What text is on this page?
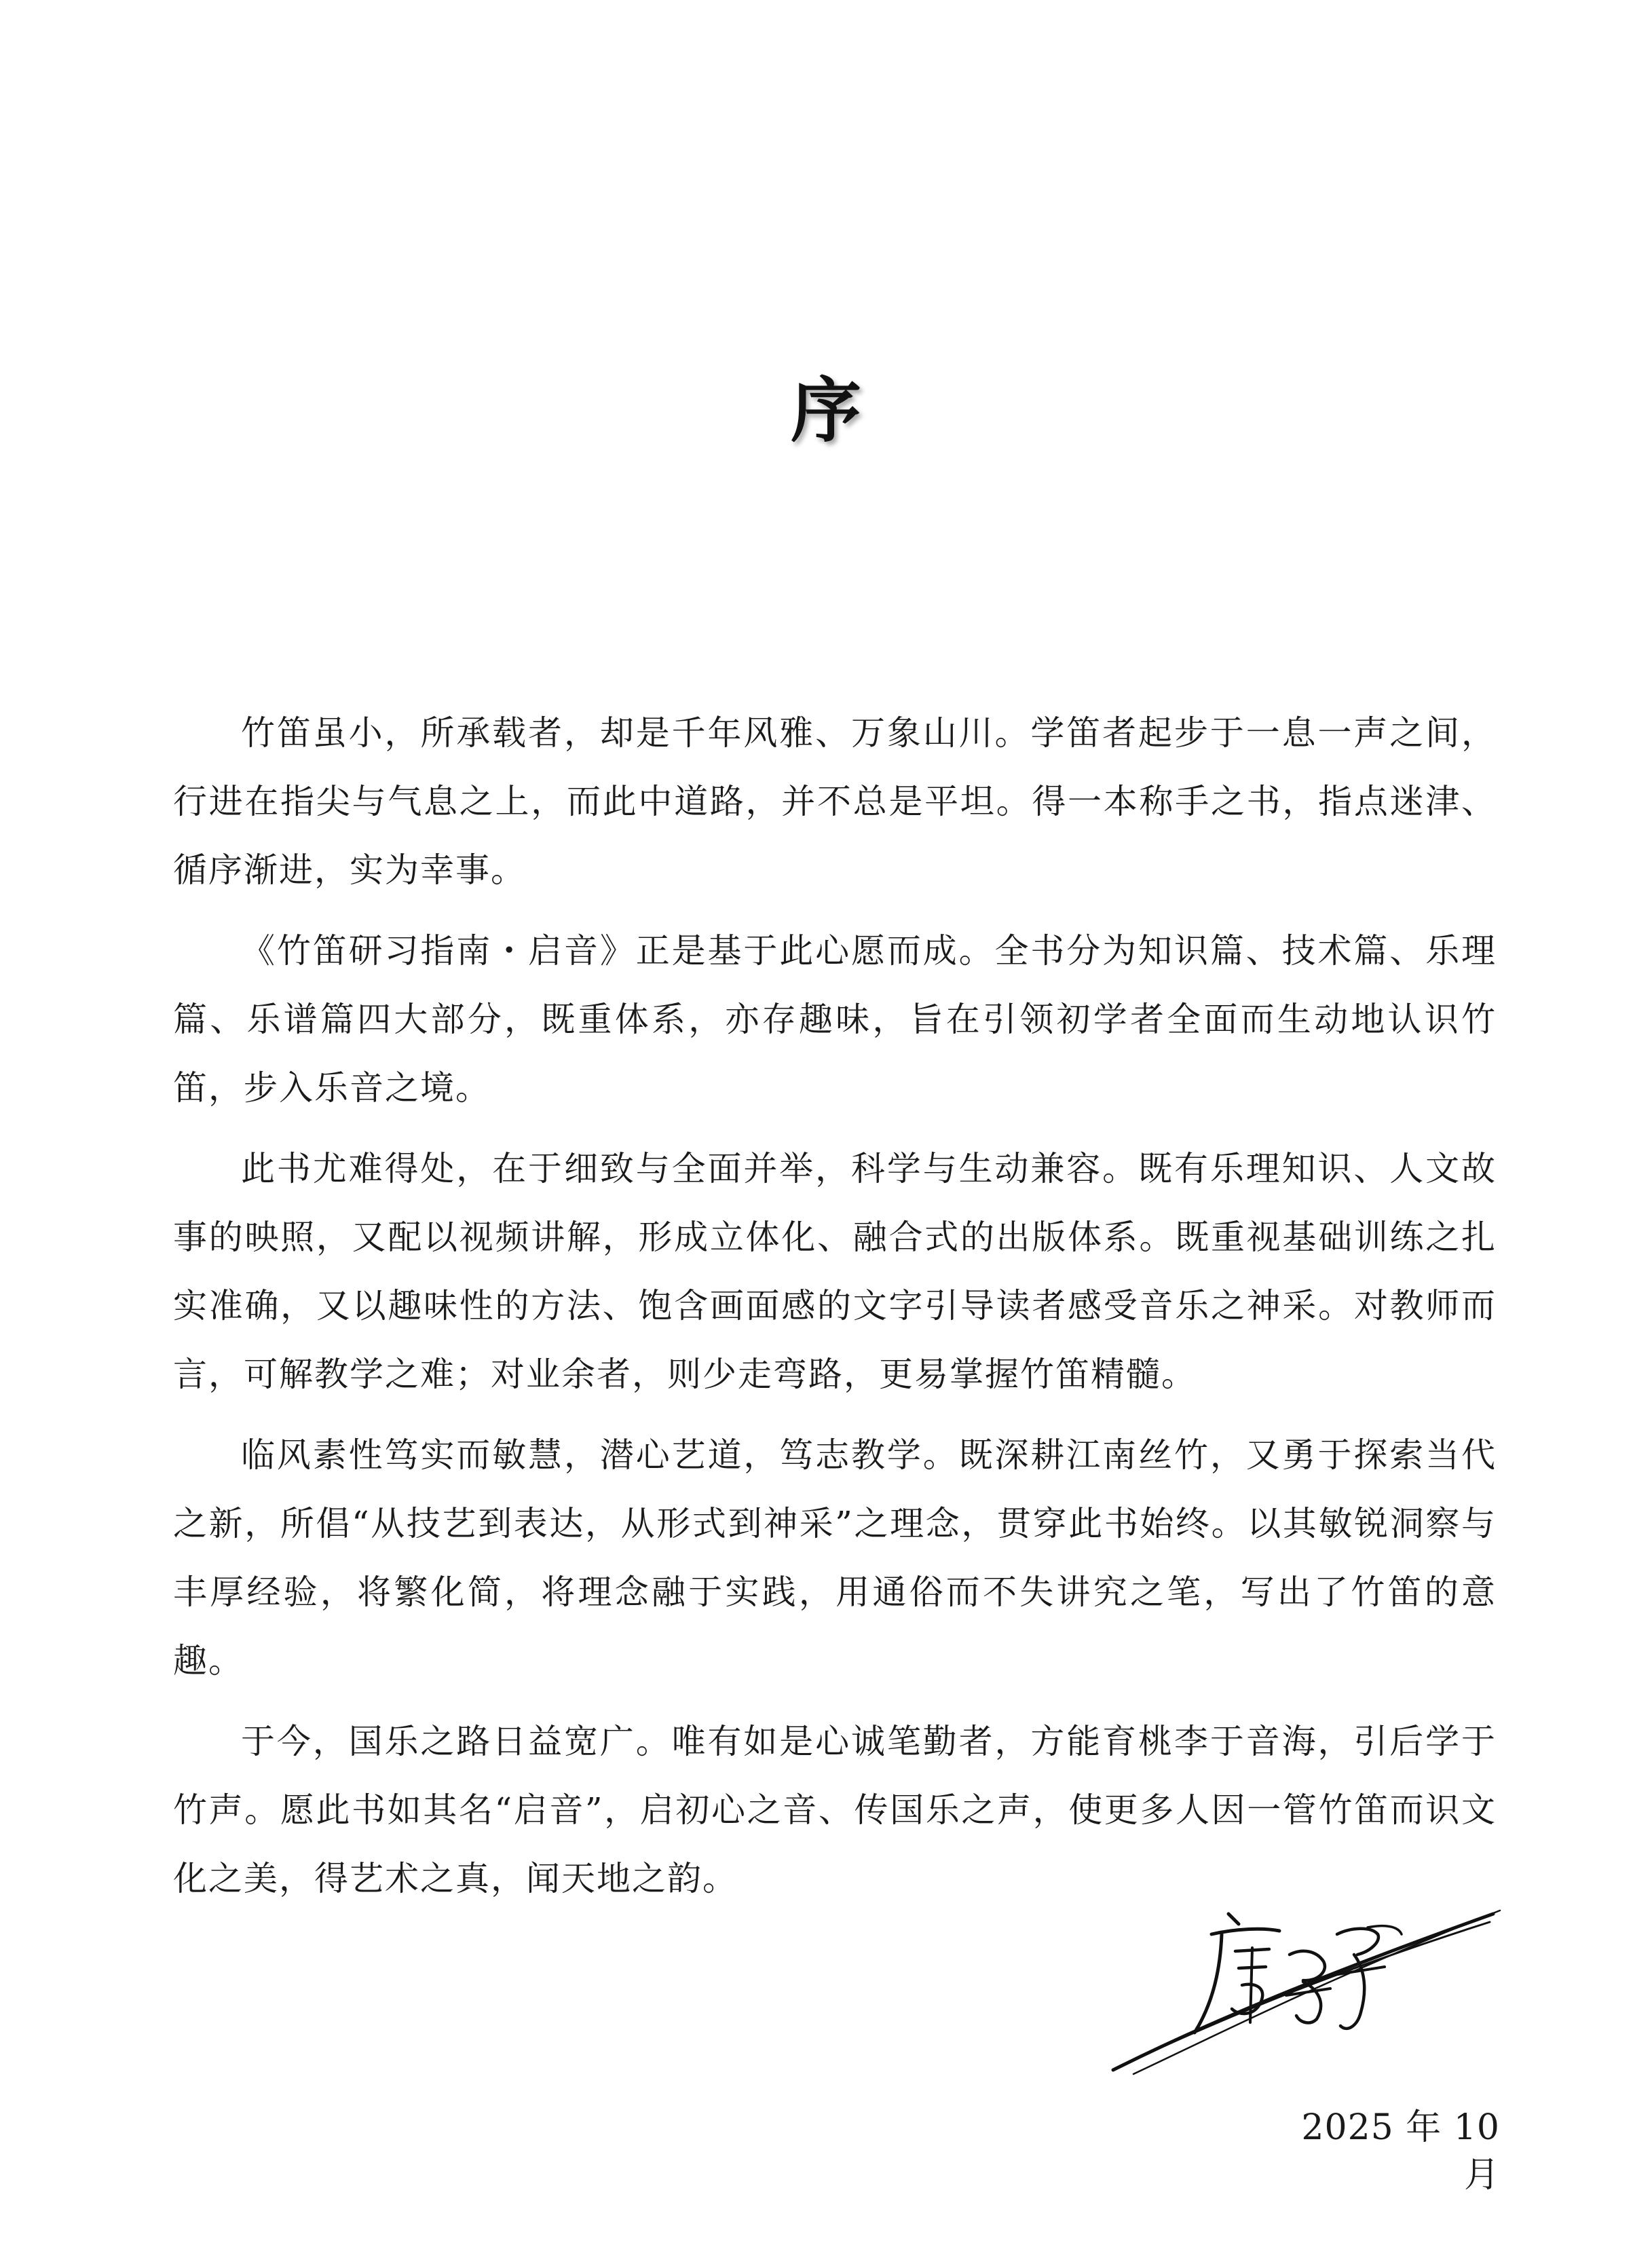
序

竹笛虽小，所承载者，却是千年风雅、万象山川。学笛者起步于一息一声之间，行进在指尖与气息之上，而此中道路，并不总是平坦。得一本称手之书，指点迷津、循序渐进，实为幸事。

《竹笛研习指南・启音》正是基于此心愿而成。全书分为知识篇、技术篇、乐理篇、乐谱篇四大部分，既重体系，亦存趣味，旨在引领初学者全面而生动地认识竹笛，步入乐音之境。

此书尤难得处，在于细致与全面并举，科学与生动兼容。既有乐理知识、人文故事的映照，又配以视频讲解，形成立体化、融合式的出版体系。既重视基础训练之扎实准确，又以趣味性的方法、饱含画面感的文字引导读者感受音乐之神采。对教师而言，可解教学之难；对业余者，则少走弯路，更易掌握竹笛精髓。

临风素性笃实而敏慧，潜心艺道，笃志教学。既深耕江南丝竹，又勇于探索当代之新，所倡“从技艺到表达，从形式到神采”之理念，贯穿此书始终。以其敏锐洞察与丰厚经验，将繁化简，将理念融于实践，用通俗而不失讲究之笔，写出了竹笛的意趣。

于今，国乐之路日益宽广。唯有如是心诚笔勤者，方能育桃李于音海，引后学于竹声。愿此书如其名“启音”，启初心之音、传国乐之声，使更多人因一管竹笛而识文化之美，得艺术之真，闻天地之韵。

2025 年 10 月
